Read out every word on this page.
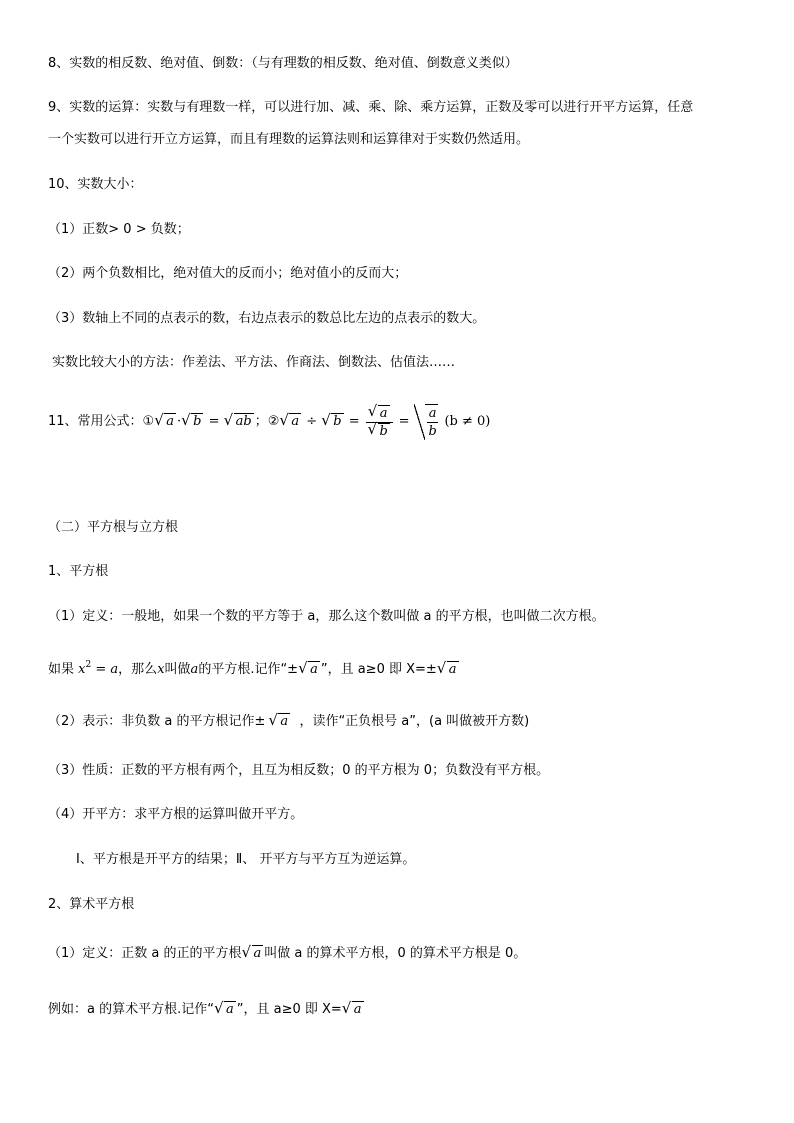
8、实数的相反数、绝对值、倒数：（与有理数的相反数、绝对值、倒数意义类似）
9、实数的运算：实数与有理数一样，可以进行加、减、乘、除、乘方运算，正数及零可以进行开平方运算，任意
一个实数可以进行开立方运算，而且有理数的运算法则和运算律对于实数仍然适用。
10、实数大小：
（1）正数> 0 > 负数；
（2）两个负数相比，绝对值大的反而小；绝对值小的反而大；
（3）数轴上不同的点表示的数，右边点表示的数总比左边的点表示的数大。
实数比较大小的方法：作差法、平方法、作商法、倒数法、估值法……
11、常用公式：① √ a · √ b = √ ab ；② √ a ÷ √ b = √ a
√ $b = \frac{a}{b} (b \ne 0)$
（二）平方根与立方根
1、平方根
（1）定义：一般地，如果一个数的平方等于 a，那么这个数叫做 a 的平方根，也叫做二次方根。
如果 $x^2 = a$，那么x叫做a的平方根.记作“± √ a ”，且 a≥0 即 X=± √ a
（2）表示：非负数 a 的平方根记作± √ a ，读作“正负根号 a”，(a 叫做被开方数)
（3）性质：正数的平方根有两个，且互为相反数；0 的平方根为 0；负数没有平方根。
（4）开平方：求平方根的运算叫做开平方。
Ⅰ、平方根是开平方的结果；Ⅱ、 开平方与平方互为逆运算。
2、算术平方根
（1）定义：正数 a 的正的平方根 √ a 叫做 a 的算术平方根，0 的算术平方根是 0。
例如：a 的算术平方根.记作“ √ a ”，且 a≥0 即 X= √ a
